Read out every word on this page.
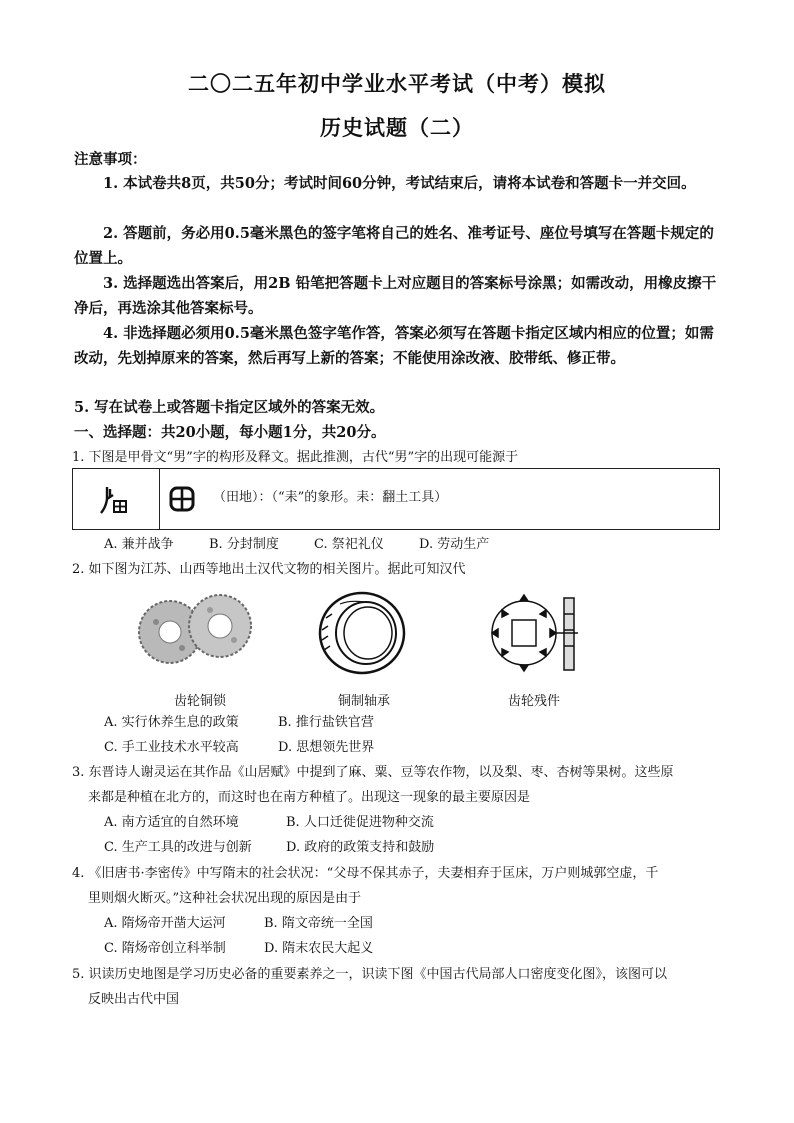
二〇二五年初中学业水平考试（中考）模拟
历史试题（二）
注意事项：
1. 本试卷共8页，共50分；考试时间60分钟，考试结束后，请将本试卷和答题卡一并交回。
2. 答题前，务必用0.5毫米黑色的签字笔将自己的姓名、准考证号、座位号填写在答题卡规定的位置上。
3. 选择题选出答案后，用2B 铅笔把答题卡上对应题目的答案标号涂黑；如需改动，用橡皮擦干净后，再选涂其他答案标号。
4. 非选择题必须用0.5毫米黑色签字笔作答，答案必须写在答题卡指定区域内相应的位置；如需改动，先划掉原来的答案，然后再写上新的答案；不能使用涂改液、胶带纸、修正带。
5. 写在试卷上或答题卡指定区域外的答案无效。
一、选择题：共20小题，每小题1分，共20分。
1. 下图是甲骨文“男”字的构形及释文。据此推测，古代“男”字的出现可能源于
（田地）：（“耒”的象形。耒：翻土工具）
A. 兼并战争	B. 分封制度	C. 祭祀礼仪	D. 劳动生产
2. 如下图为江苏、山西等地出土汉代文物的相关图片。据此可知汉代
齿轮铜锁	铜制轴承	齿轮残件
A. 实行休养生息的政策	B. 推行盐铁官营
C. 手工业技术水平较高	D. 思想领先世界
3. 东晋诗人谢灵运在其作品《山居赋》中提到了麻、粟、豆等农作物，以及梨、枣、杏树等果树。这些原
来都是种植在北方的，而这时也在南方种植了。出现这一现象的最主要原因是
A. 南方适宜的自然环境	B. 人口迁徙促进物种交流
C. 生产工具的改进与创新	D. 政府的政策支持和鼓励
4. 《旧唐书·李密传》中写隋末的社会状况：“父母不保其赤子，夫妻相弃于匡床，万户则城郭空虚，千
里则烟火断灭。”这种社会状况出现的原因是由于
A. 隋炀帝开凿大运河	B. 隋文帝统一全国
C. 隋炀帝创立科举制	D. 隋末农民大起义
5. 识读历史地图是学习历史必备的重要素养之一，识读下图《中国古代局部人口密度变化图》，该图可以
反映出古代中国
